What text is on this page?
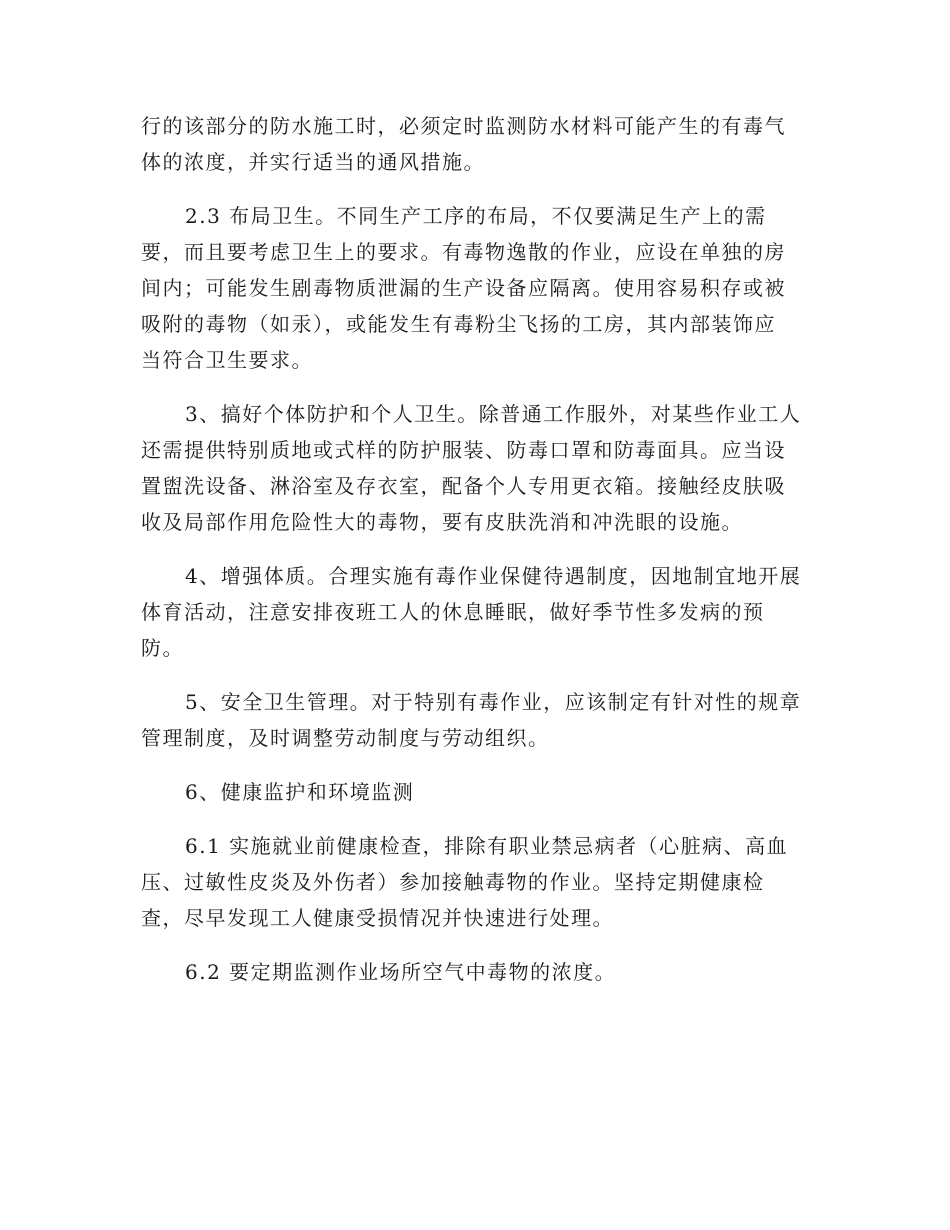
行的该部分的防水施工时，必须定时监测防水材料可能产生的有毒气
体的浓度，并实行适当的通风措施。

2.3 布局卫生。不同生产工序的布局，不仅要满足生产上的需
要，而且要考虑卫生上的要求。有毒物逸散的作业，应设在单独的房
间内；可能发生剧毒物质泄漏的生产设备应隔离。使用容易积存或被
吸附的毒物（如汞），或能发生有毒粉尘飞扬的工房，其内部装饰应
当符合卫生要求。

3、搞好个体防护和个人卫生。除普通工作服外，对某些作业工人
还需提供特别质地或式样的防护服装、防毒口罩和防毒面具。应当设
置盥洗设备、淋浴室及存衣室，配备个人专用更衣箱。接触经皮肤吸
收及局部作用危险性大的毒物，要有皮肤洗消和冲洗眼的设施。

4、增强体质。合理实施有毒作业保健待遇制度，因地制宜地开展
体育活动，注意安排夜班工人的休息睡眠，做好季节性多发病的预
防。

5、安全卫生管理。对于特别有毒作业，应该制定有针对性的规章
管理制度，及时调整劳动制度与劳动组织。

6、健康监护和环境监测

6.1 实施就业前健康检查，排除有职业禁忌病者（心脏病、高血
压、过敏性皮炎及外伤者）参加接触毒物的作业。坚持定期健康检
查，尽早发现工人健康受损情况并快速进行处理。

6.2 要定期监测作业场所空气中毒物的浓度。
